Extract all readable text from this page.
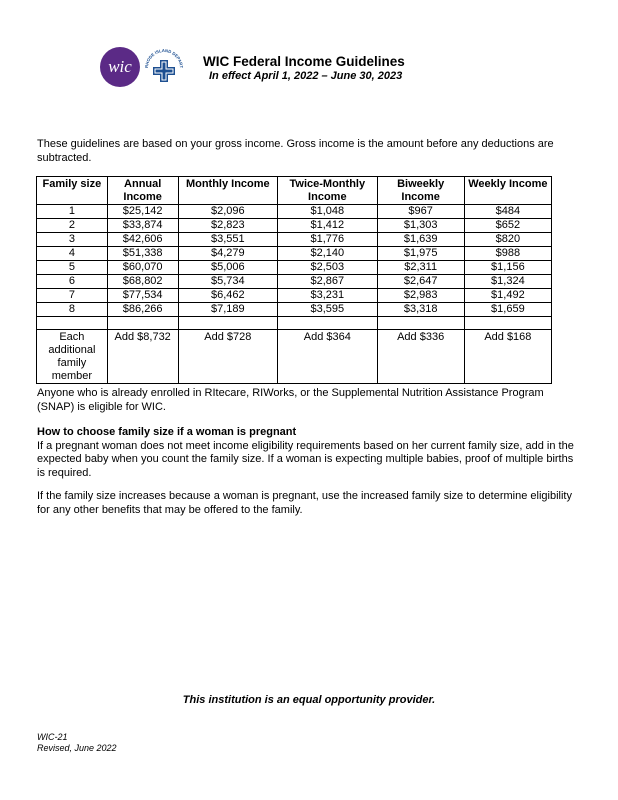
wic	RHODE ISLAND DEPART WIC Federal Income Guidelines
In effect April 1, 2022 – June 30, 2023
These guidelines are based on your gross income. Gross income is the amount before any deductions are subtracted.
Family size	Annual Income	Monthly Income	Twice-Monthly Income	Biweekly Income	Weekly Income
1	$25,142	$2,096	$1,048	$967	$484
2	$33,874	$2,823	$1,412	$1,303	$652
3	$42,606	$3,551	$1,776	$1,639	$820
4	$51,338	$4,279	$2,140	$1,975	$988
5	$60,070	$5,006	$2,503	$2,311	$1,156
6	$68,802	$5,734	$2,867	$2,647	$1,324
7	$77,534	$6,462	$3,231	$2,983	$1,492
8	$86,266	$7,189	$3,595	$3,318	$1,659

Each additional family member	Add $8,732	Add $728	Add $364	Add $336	Add $168
Anyone who is already enrolled in RItecare, RIWorks, or the Supplemental Nutrition Assistance Program (SNAP) is eligible for WIC.
How to choose family size if a woman is pregnant
If a pregnant woman does not meet income eligibility requirements based on her current family size, add in the expected baby when you count the family size. If a woman is expecting multiple babies, proof of multiple births is required.
If the family size increases because a woman is pregnant, use the increased family size to determine eligibility for any other benefits that may be offered to the family.
This institution is an equal opportunity provider.
WIC-21
Revised, June 2022
